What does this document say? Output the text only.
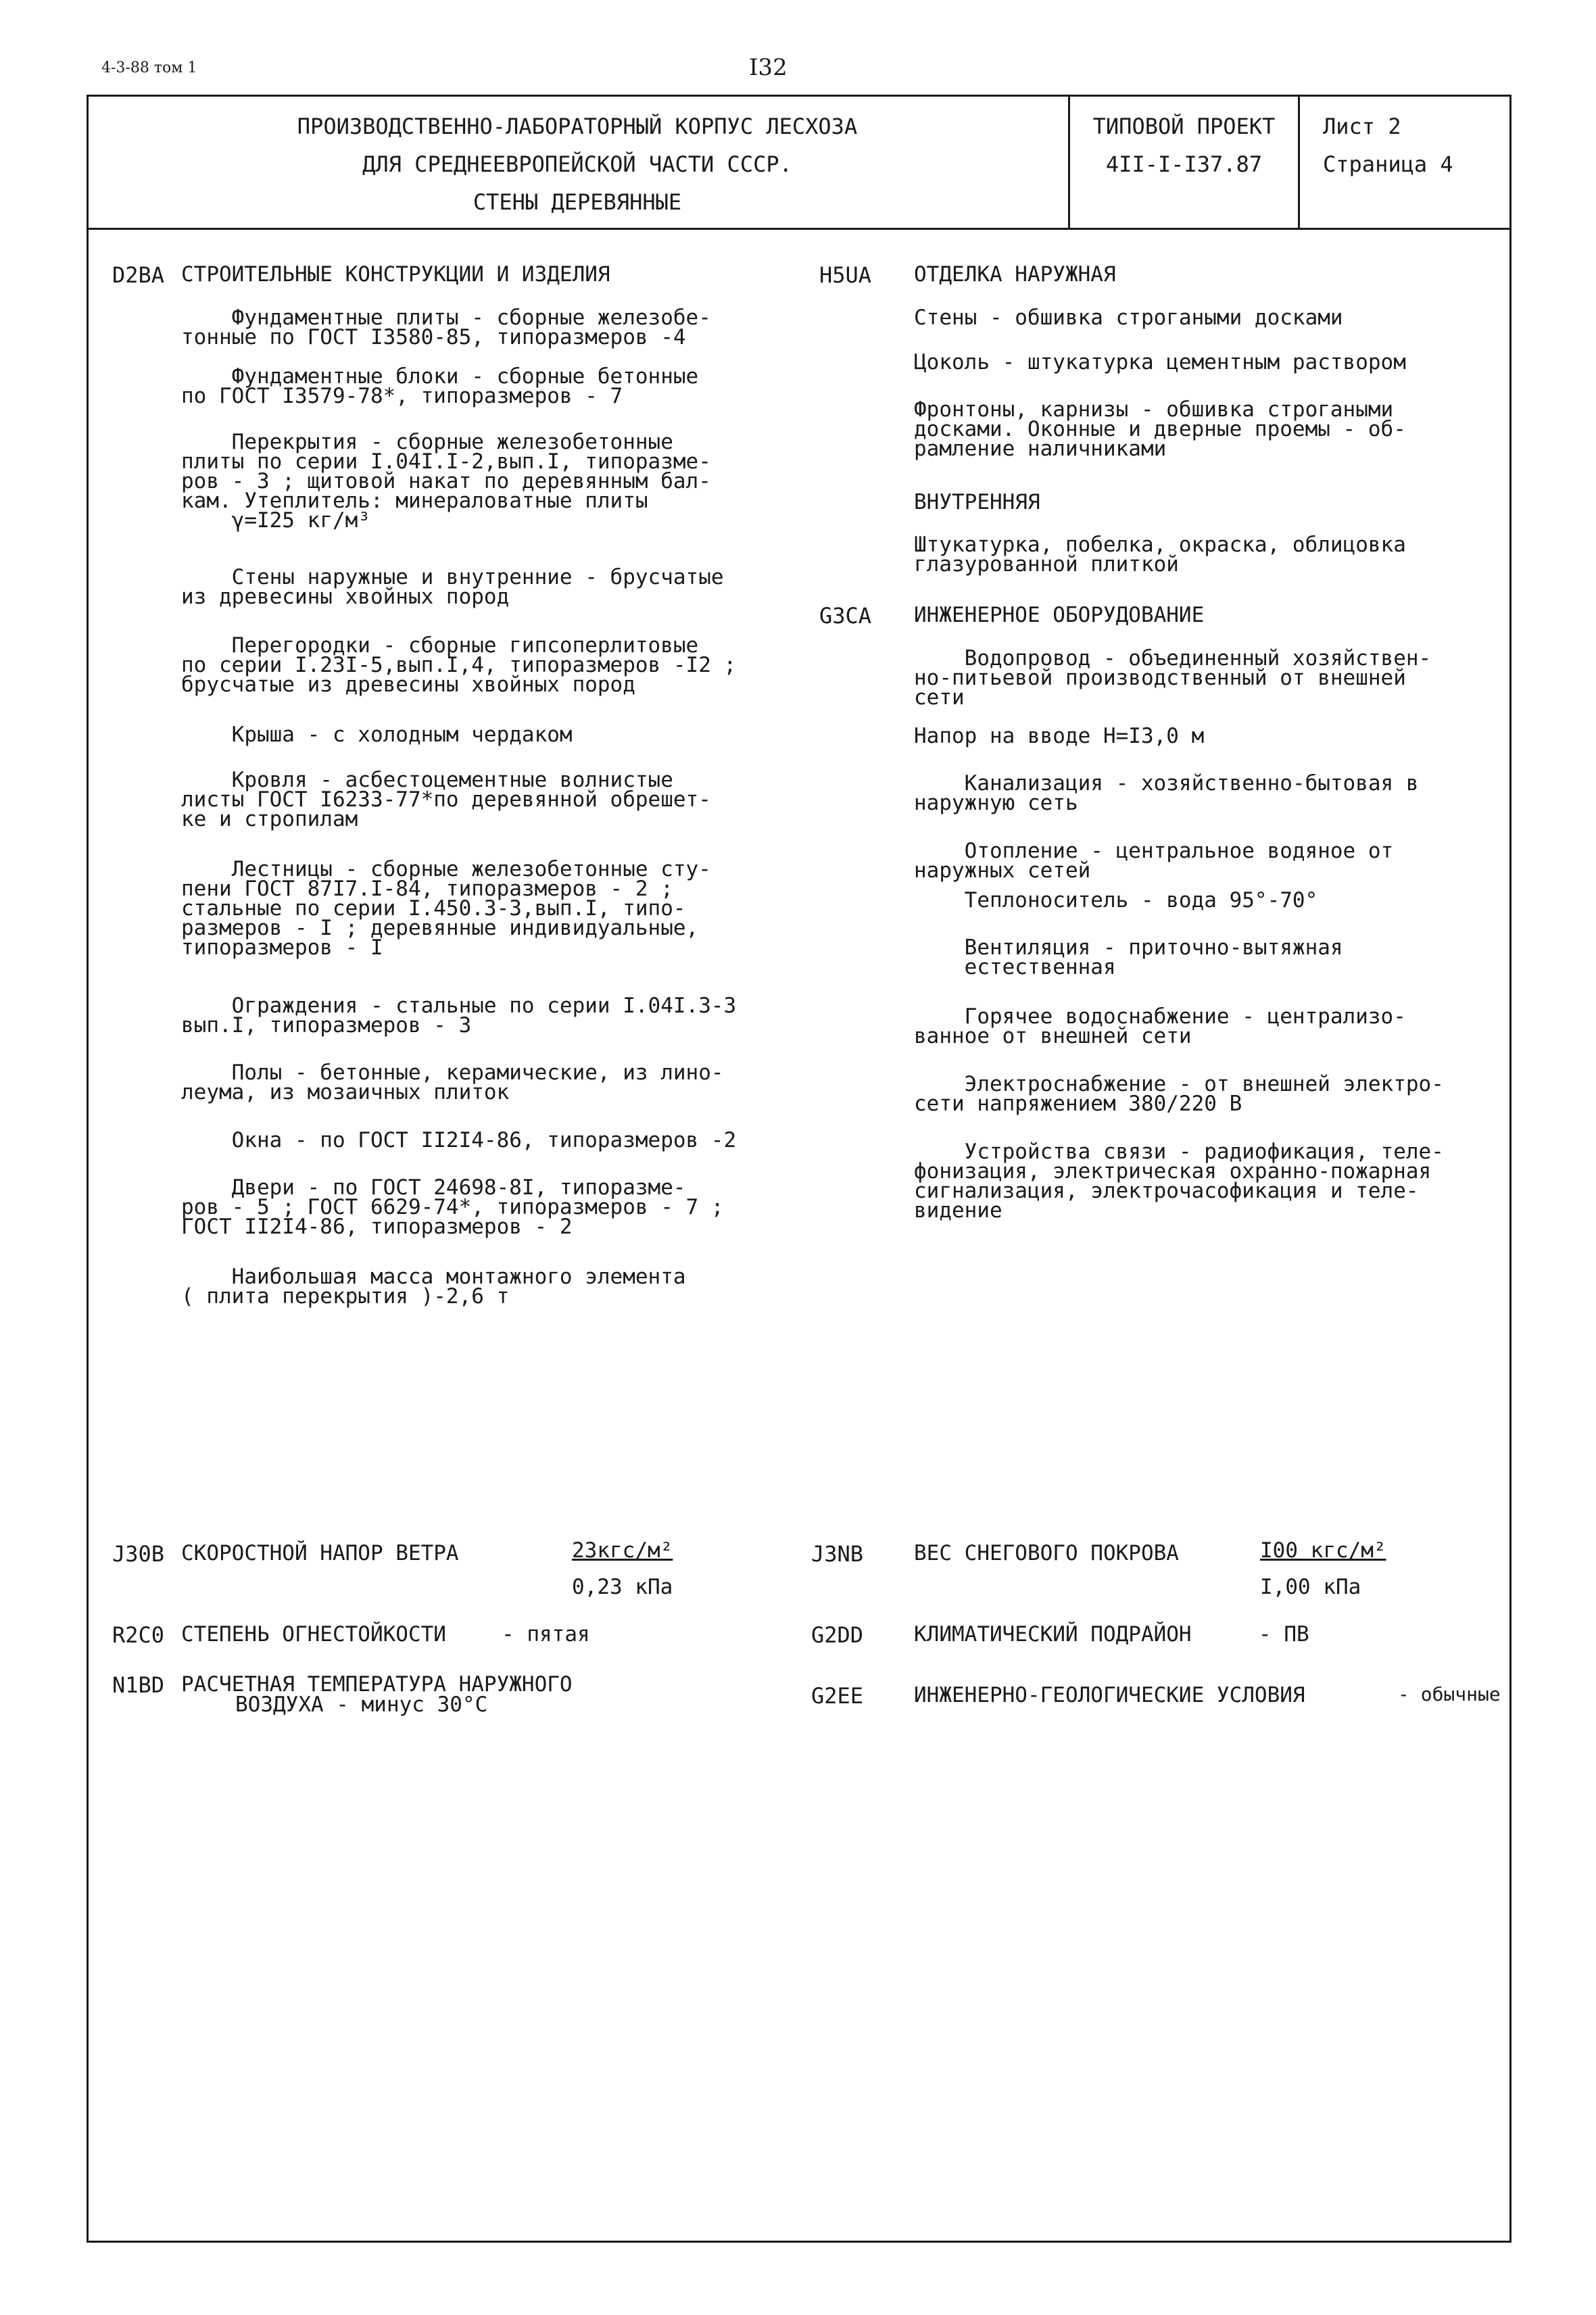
4-3-88 том 1	I32
ПРОИЗВОДСТВЕННО-ЛАБОРАТОРНЫЙ КОРПУС ЛЕСХОЗА
ДЛЯ СРЕДНЕЕВРОПЕЙСКОЙ ЧАСТИ СССР.
СТЕНЫ ДЕРЕВЯННЫЕ
ТИПОВОЙ ПРОЕКТ
4II-I-I37.87
Лист 2
Страница 4
D2BA СТРОИТЕЛЬНЫЕ КОНСТРУКЦИИ И ИЗДЕЛИЯ
Фундаментные плиты - сборные железобе-
тонные по ГОСТ I3580-85, типоразмеров -4
Фундаментные блоки - сборные бетонные
по ГОСТ I3579-78*, типоразмеров - 7
Перекрытия - сборные железобетонные
плиты по серии I.04I.I-2,вып.I, типоразме-
ров - 3 ; щитовой накат по деревянным бал-
кам. Утеплитель: минераловатные плиты
γ=I25 кг/м³
Стены наружные и внутренние - брусчатые
из древесины хвойных пород
Перегородки - сборные гипсоперлитовые
по серии I.23I-5,вып.I,4, типоразмеров -I2 ;
брусчатые из древесины хвойных пород
Крыша - с холодным чердаком
Кровля - асбестоцементные волнистые
листы ГОСТ I6233-77*по деревянной обрешет-
ке и стропилам
Лестницы - сборные железобетонные сту-
пени ГОСТ 87I7.I-84, типоразмеров - 2 ;
стальные по серии I.450.3-3,вып.I, типо-
размеров - I ; деревянные индивидуальные,
типоразмеров - I
Ограждения - стальные по серии I.04I.3-3
вып.I, типоразмеров - 3
Полы - бетонные, керамические, из лино-
леума, из мозаичных плиток
Окна - по ГОСТ II2I4-86, типоразмеров -2
Двери - по ГОСТ 24698-8I, типоразме-
ров - 5 ; ГОСТ 6629-74*, типоразмеров - 7 ;
ГОСТ II2I4-86, типоразмеров - 2
Наибольшая масса монтажного элемента
( плита перекрытия )-2,6 т
H5UA ОТДЕЛКА НАРУЖНАЯ
Стены - обшивка строгаными досками
Цоколь - штукатурка цементным раствором
Фронтоны, карнизы - обшивка строгаными
досками. Оконные и дверные проемы - об-
рамление наличниками
ВНУТРЕННЯЯ
Штукатурка, побелка, окраска, облицовка
глазурованной плиткой
G3CA ИНЖЕНЕРНОЕ ОБОРУДОВАНИЕ
Водопровод - объединенный хозяйствен-
но-питьевой производственный от внешней
сети
Напор на вводе Н=I3,0 м
Канализация - хозяйственно-бытовая в
наружную сеть
Отопление - центральное водяное от
наружных сетей
Теплоноситель - вода 95°-70°
Вентиляция - приточно-вытяжная
естественная
Горячее водоснабжение - централизо-
ванное от внешней сети
Электроснабжение - от внешней электро-
сети напряжением 380/220 В
Устройства связи - радиофикация, теле-
фонизация, электрическая охранно-пожарная
сигнализация, электрочасофикация и теле-
видение
J30B СКОРОСТНОЙ НАПОР ВЕТРА	23кгс/м²
0,23 кПа
J3NB ВЕС СНЕГОВОГО ПОКРОВА	I00 кгс/м²
I,00 кПа
R2C0 СТЕПЕНЬ ОГНЕСТОЙКОСТИ	- пятая	G2DD КЛИМАТИЧЕСКИЙ ПОДРАЙОН	- ПВ
N1BD РАСЧЕТНАЯ ТЕМПЕРАТУРА НАРУЖНОГО
ВОЗДУХА - минус 30°С	G2EE ИНЖЕНЕРНО-ГЕОЛОГИЧЕСКИЕ УСЛОВИЯ	- обычные
